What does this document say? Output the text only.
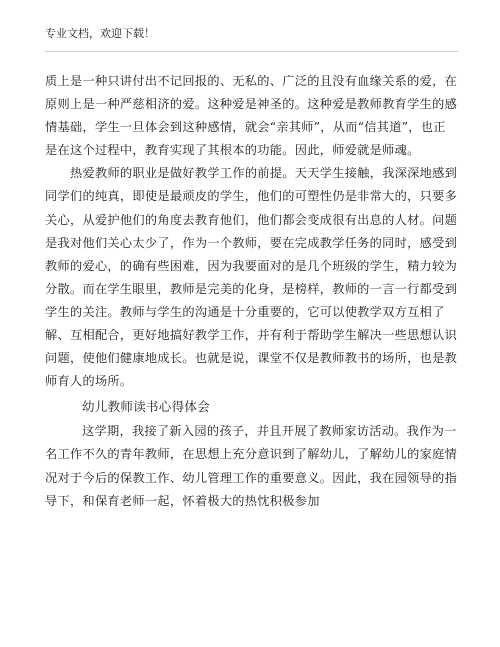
专业文档，欢迎下载！

质上是一种只讲付出不记回报的、无私的、广泛的且没有血缘关系的爱，在原则上是一种严慈相济的爱。这种爱是神圣的。这种爱是教师教育学生的感情基础，学生一旦体会到这种感情，就会“亲其师”，从而“信其道”，也正是在这个过程中，教育实现了其根本的功能。因此，师爱就是师魂。

热爱教师的职业是做好教学工作的前提。天天学生接触，我深深地感到同学们的纯真，即使是最顽皮的学生，他们的可塑性仍是非常大的，只要多关心，从爱护他们的角度去教育他们，他们都会变成很有出息的人材。问题是我对他们关心太少了，作为一个教师，要在完成教学任务的同时，感受到教师的爱心，的确有些困难，因为我要面对的是几个班级的学生，精力较为分散。而在学生眼里，教师是完美的化身，是榜样，教师的一言一行都受到学生的关注。教师与学生的沟通是十分重要的，它可以使教学双方互相了解、互相配合，更好地搞好教学工作，并有利于帮助学生解决一些思想认识问题，使他们健康地成长。也就是说，课堂不仅是教师教书的场所，也是教师育人的场所。

幼儿教师读书心得体会

这学期，我接了新入园的孩子，并且开展了教师家访活动。我作为一名工作不久的青年教师，在思想上充分意识到了解幼儿，了解幼儿的家庭情况对于今后的保教工作、幼儿管理工作的重要意义。因此，我在园领导的指导下，和保育老师一起，怀着极大的热忱积极参加
